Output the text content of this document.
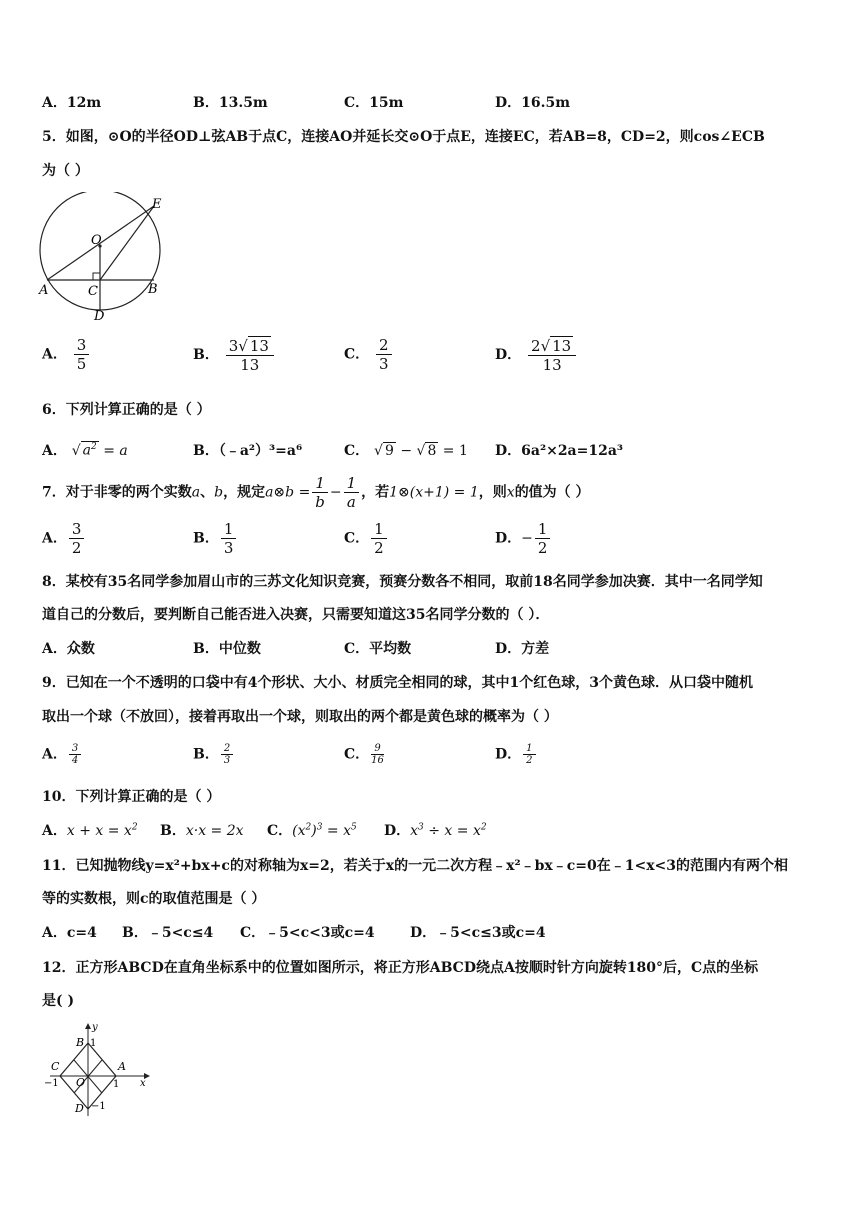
A．12m	B．13.5m	C．15m	D．16.5m
5．如图，⊙O的半径OD⊥弦AB于点C，连接AO并延长交⊙O于点E，连接EC，若AB=8，CD=2，则cos∠ECB
为（ ）
O
E
A	C	B
D
A． $\frac{3}{5}$	B． $\frac{3√ 13}{13}$	C． $\frac{2}{3}$	D． $\frac{2√ 13}{13}$
6．下列计算正确的是（ ）
A． √ $a^2 = a$	B．（﹣a²）³=a⁶	C． √ 9 − √ 8 = 1 D．6a²×2a=12a³
7．对于非零的两个实数a、b，规定a⊗b = $\frac{1}{b} - \frac{1}{a}$ ，若1⊗(x+1) = 1，则x的值为（ ）
A． $\frac{3}{2}$	B． $\frac{1}{3}$	C． $\frac{1}{2}$	D．− $\frac{1}{2}$
8．某校有35名同学参加眉山市的三苏文化知识竞赛，预赛分数各不相同，取前18名同学参加决赛．其中一名同学知
道自己的分数后，要判断自己能否进入决赛，只需要知道这35名同学分数的（ ）．
A．众数	B．中位数	C．平均数	D．方差
9．已知在一个不透明的口袋中有4个形状、大小、材质完全相同的球，其中1个红色球，3个黄色球．从口袋中随机
取出一个球（不放回），接着再取出一个球，则取出的两个都是黄色球的概率为（ ）
A． $\frac{3}{4}$	B． $\frac{2}{3}$	C． $\frac{9}{16}$	D． $\frac{1}{2}$
10．下列计算正确的是（ ）
A．$x + x = x^2$ B．x·x = 2x C．$(x^2)^3 = x^5$ D．$x^3 \div x = x^2$
11．已知抛物线y=x²+bx+c的对称轴为x=2，若关于x的一元二次方程﹣x²﹣bx﹣c=0在﹣1<x<3的范围内有两个相
等的实数根，则c的取值范围是（ ）
A．c=4 B．﹣5<c≤4 C．﹣5<c<3或c=4	D．﹣5<c≤3或c=4
12．正方形ABCD在直角坐标系中的位置如图所示，将正方形ABCD绕点A按顺时针方向旋转180°后，C点的坐标
是( )
y
x
B 1
C	A
−1 O	1
D −1
